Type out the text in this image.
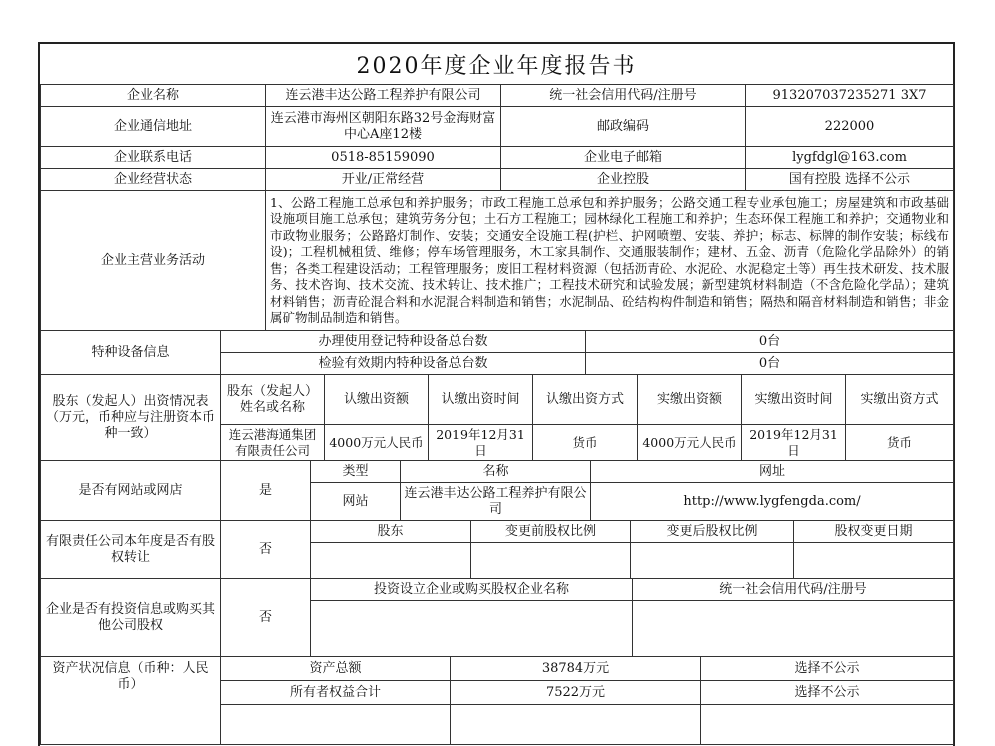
2020年度企业年度报告书
企业名称	连云港丰达公路工程养护有限公司	统一社会信用代码/注册号	913207037235271 3X7
企业通信地址	连云港市海州区朝阳东路32号金海财富中心A座12楼	邮政编码	222000
企业联系电话	0518-85159090	企业电子邮箱	lygfdgl@163.com
企业经营状态	开业/正常经营	企业控股	国有控股 选择不公示
企业主营业务活动	1、公路工程施工总承包和养护服务；市政工程施工总承包和养护服务；公路交通工程专业承包施工；房屋建筑和市政基础设施项目施工总承包；建筑劳务分包；土石方工程施工；园林绿化工程施工和养护；生态环保工程施工和养护；交通物业和市政物业服务；公路路灯制作、安装；交通安全设施工程(护栏、护网喷塑、安装、养护；标志、标牌的制作安装；标线布设)；工程机械租赁、维修；停车场管理服务，木工家具制作、交通服装制作；建材、五金、沥青（危险化学品除外）的销售；各类工程建设活动；工程管理服务；废旧工程材料资源（包括沥青砼、水泥砼、水泥稳定土等）再生技术研发、技术服务、技术咨询、技术交流、技术转让、技术推广；工程技术研究和试验发展；新型建筑材料制造（不含危险化学品）；建筑材料销售；沥青砼混合料和水泥混合料制造和销售；水泥制品、砼结构构件制造和销售；隔热和隔音材料制造和销售；非金属矿物制品制造和销售。		
特种设备信息	办理使用登记特种设备总台数	0台
	检验有效期内特种设备总台数	0台
股东（发起人）出资情况表（万元，币种应与注册资本币种一致）	股东（发起人）姓名或名称	认缴出资额	认缴出资时间	认缴出资方式	实缴出资额	实缴出资时间	实缴出资方式
	连云港海通集团有限责任公司	4000万元人民币	2019年12月31日	货币	4000万元人民币	2019年12月31日	货币
是否有网站或网店	是	类型	名称	网址
		网站	连云港丰达公路工程养护有限公司	http://www.lygfengda.com/
有限责任公司本年度是否有股权转让	否	股东	变更前股权比例	变更后股权比例	股权变更日期

企业是否有投资信息或购买其他公司股权	否	投资设立企业或购买股权企业名称	统一社会信用代码/注册号

资产状况信息（币种：人民币）	资产总额	38784万元	选择不公示
	所有者权益合计	7522万元	选择不公示
